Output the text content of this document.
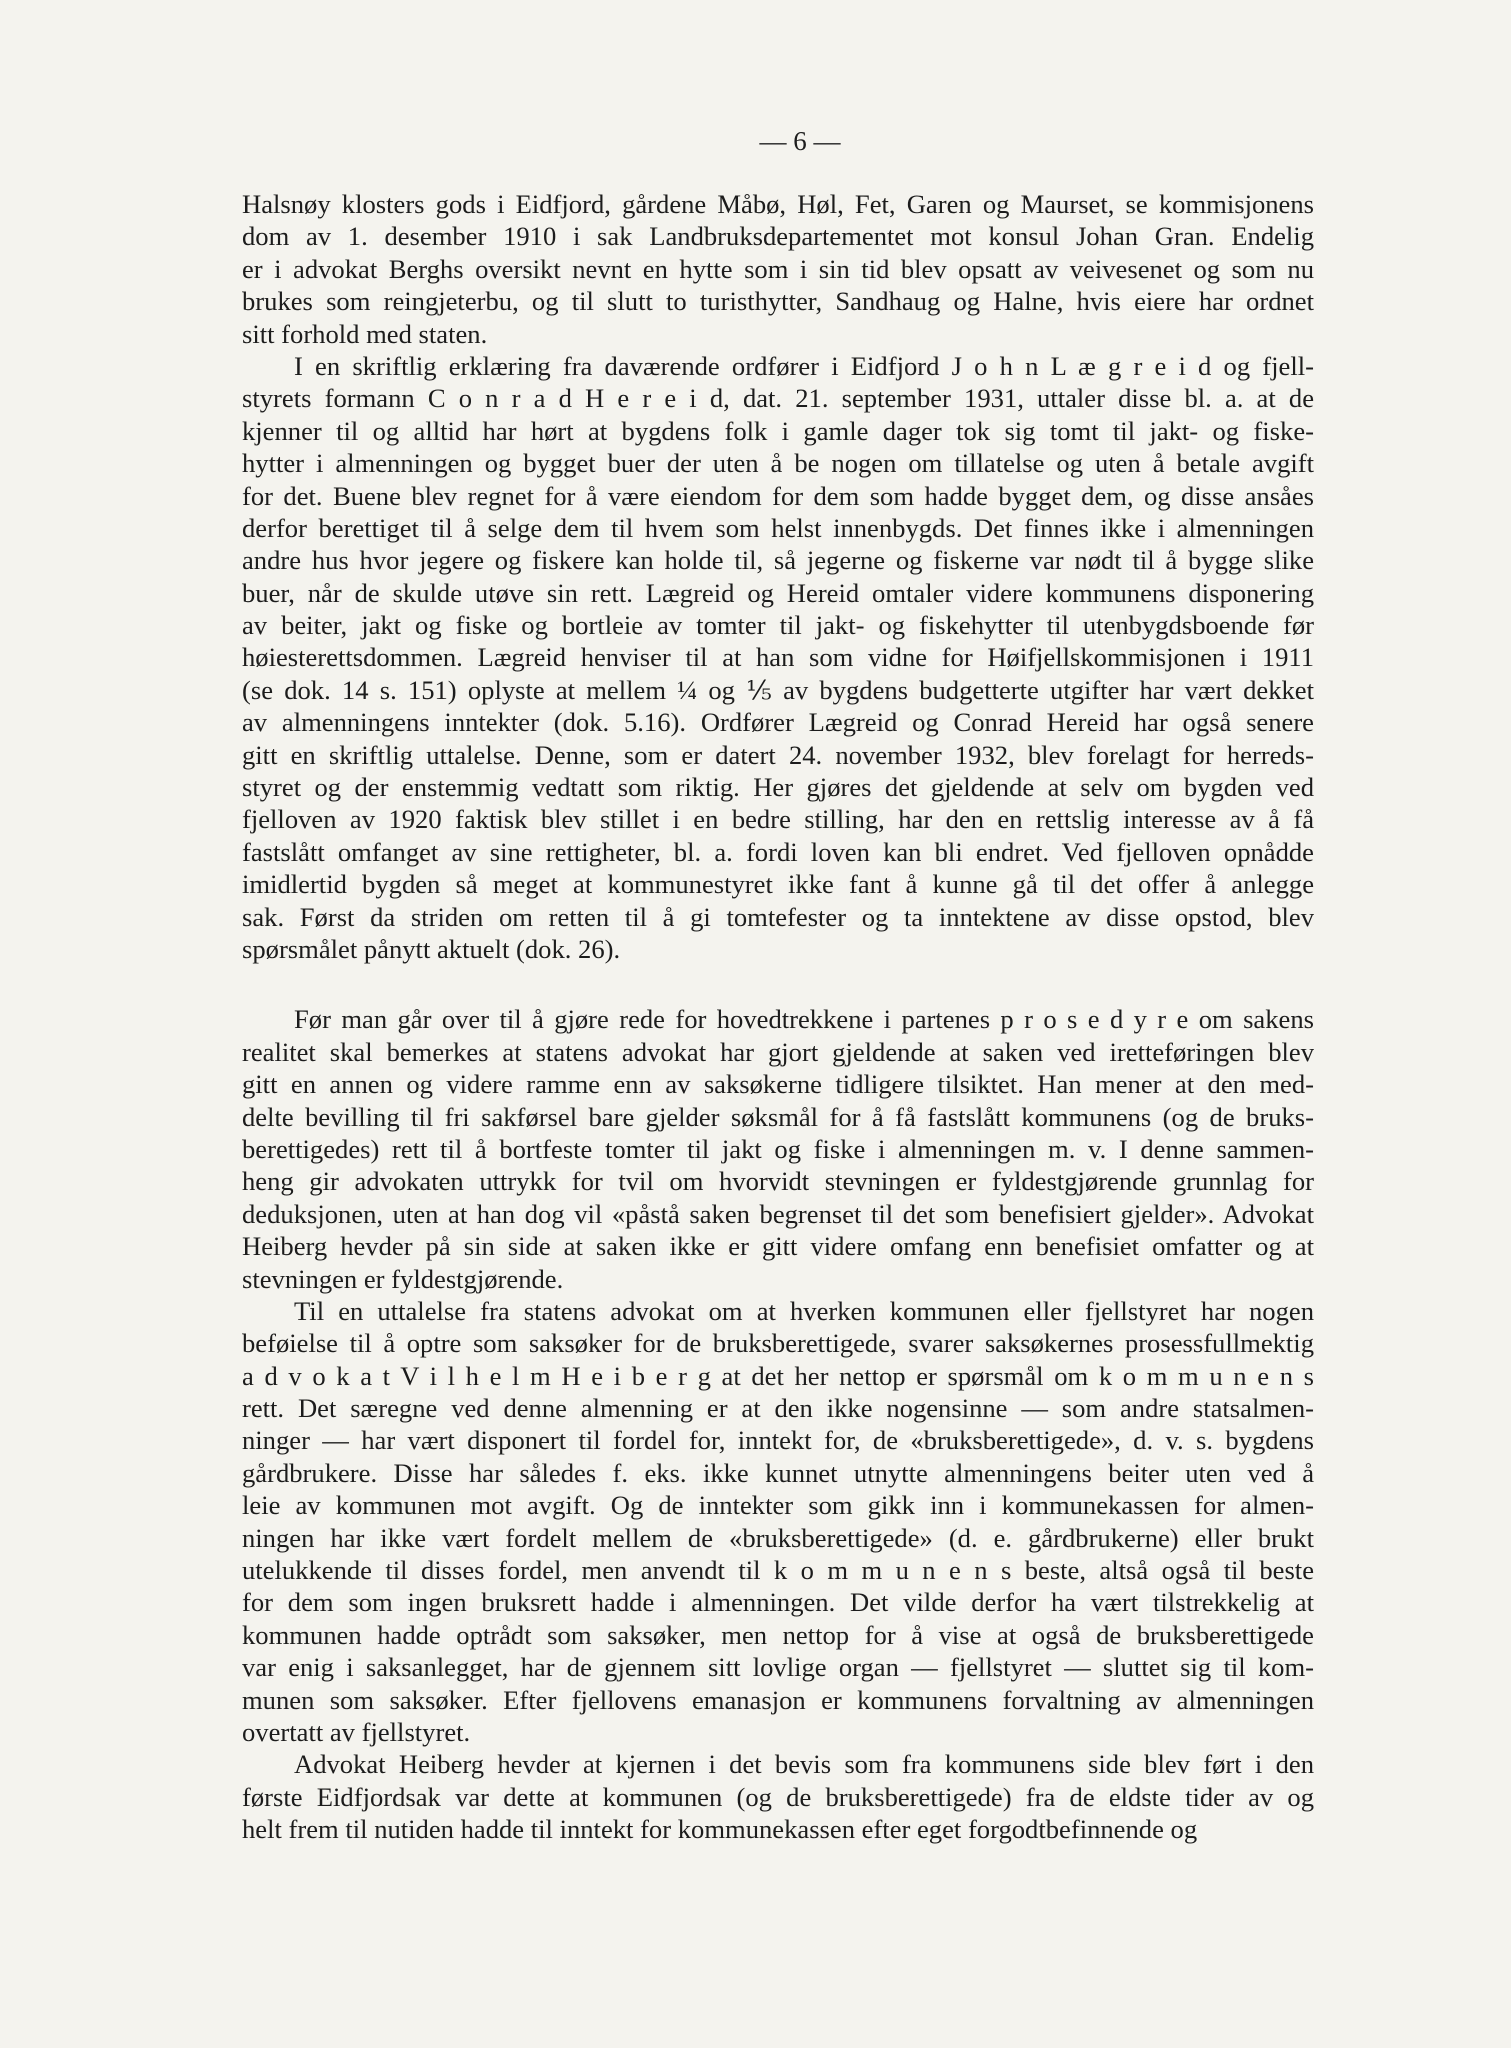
— 6 —
Halsnøy klosters gods i Eidfjord, gårdene Måbø, Høl, Fet, Garen og Maurset, se kommisjonens
dom av 1. desember 1910 i sak Landbruksdepartementet mot konsul Johan Gran. Endelig
er i advokat Berghs oversikt nevnt en hytte som i sin tid blev opsatt av veivesenet og som nu
brukes som reingjeterbu, og til slutt to turisthytter, Sandhaug og Halne, hvis eiere har ordnet
sitt forhold med staten.
I en skriftlig erklæring fra daværende ordfører i Eidfjord J o h n L æ g r e i d og fjell-
styrets formann C o n r a d H e r e i d, dat. 21. september 1931, uttaler disse bl. a. at de
kjenner til og alltid har hørt at bygdens folk i gamle dager tok sig tomt til jakt- og fiske-
hytter i almenningen og bygget buer der uten å be nogen om tillatelse og uten å betale avgift
for det. Buene blev regnet for å være eiendom for dem som hadde bygget dem, og disse ansåes
derfor berettiget til å selge dem til hvem som helst innenbygds. Det finnes ikke i almenningen
andre hus hvor jegere og fiskere kan holde til, så jegerne og fiskerne var nødt til å bygge slike
buer, når de skulde utøve sin rett. Lægreid og Hereid omtaler videre kommunens disponering
av beiter, jakt og fiske og bortleie av tomter til jakt- og fiskehytter til utenbygdsboende før
høiesterettsdommen. Lægreid henviser til at han som vidne for Høifjellskommisjonen i 1911
(se dok. 14 s. 151) oplyste at mellem ¼ og ⅕ av bygdens budgetterte utgifter har vært dekket
av almenningens inntekter (dok. 5.16). Ordfører Lægreid og Conrad Hereid har også senere
gitt en skriftlig uttalelse. Denne, som er datert 24. november 1932, blev forelagt for herreds-
styret og der enstemmig vedtatt som riktig. Her gjøres det gjeldende at selv om bygden ved
fjelloven av 1920 faktisk blev stillet i en bedre stilling, har den en rettslig interesse av å få
fastslått omfanget av sine rettigheter, bl. a. fordi loven kan bli endret. Ved fjelloven opnådde
imidlertid bygden så meget at kommunestyret ikke fant å kunne gå til det offer å anlegge
sak. Først da striden om retten til å gi tomtefester og ta inntektene av disse opstod, blev
spørsmålet pånytt aktuelt (dok. 26).
Før man går over til å gjøre rede for hovedtrekkene i partenes p r o s e d y r e om sakens
realitet skal bemerkes at statens advokat har gjort gjeldende at saken ved iretteføringen blev
gitt en annen og videre ramme enn av saksøkerne tidligere tilsiktet. Han mener at den med-
delte bevilling til fri sakførsel bare gjelder søksmål for å få fastslått kommunens (og de bruks-
berettigedes) rett til å bortfeste tomter til jakt og fiske i almenningen m. v. I denne sammen-
heng gir advokaten uttrykk for tvil om hvorvidt stevningen er fyldestgjørende grunnlag for
deduksjonen, uten at han dog vil «påstå saken begrenset til det som benefisiert gjelder». Advokat
Heiberg hevder på sin side at saken ikke er gitt videre omfang enn benefisiet omfatter og at
stevningen er fyldestgjørende.
Til en uttalelse fra statens advokat om at hverken kommunen eller fjellstyret har nogen
beføielse til å optre som saksøker for de bruksberettigede, svarer saksøkernes prosessfullmektig
a d v o k a t V i l h e l m H e i b e r g at det her nettop er spørsmål om k o m m u n e n s
rett. Det særegne ved denne almenning er at den ikke nogensinne — som andre statsalmen-
ninger — har vært disponert til fordel for, inntekt for, de «bruksberettigede», d. v. s. bygdens
gårdbrukere. Disse har således f. eks. ikke kunnet utnytte almenningens beiter uten ved å
leie av kommunen mot avgift. Og de inntekter som gikk inn i kommunekassen for almen-
ningen har ikke vært fordelt mellem de «bruksberettigede» (d. e. gårdbrukerne) eller brukt
utelukkende til disses fordel, men anvendt til k o m m u n e n s beste, altså også til beste
for dem som ingen bruksrett hadde i almenningen. Det vilde derfor ha vært tilstrekkelig at
kommunen hadde optrådt som saksøker, men nettop for å vise at også de bruksberettigede
var enig i saksanlegget, har de gjennem sitt lovlige organ — fjellstyret — sluttet sig til kom-
munen som saksøker. Efter fjellovens emanasjon er kommunens forvaltning av almenningen
overtatt av fjellstyret.
Advokat Heiberg hevder at kjernen i det bevis som fra kommunens side blev ført i den
første Eidfjordsak var dette at kommunen (og de bruksberettigede) fra de eldste tider av og
helt frem til nutiden hadde til inntekt for kommunekassen efter eget forgodtbefinnende og
